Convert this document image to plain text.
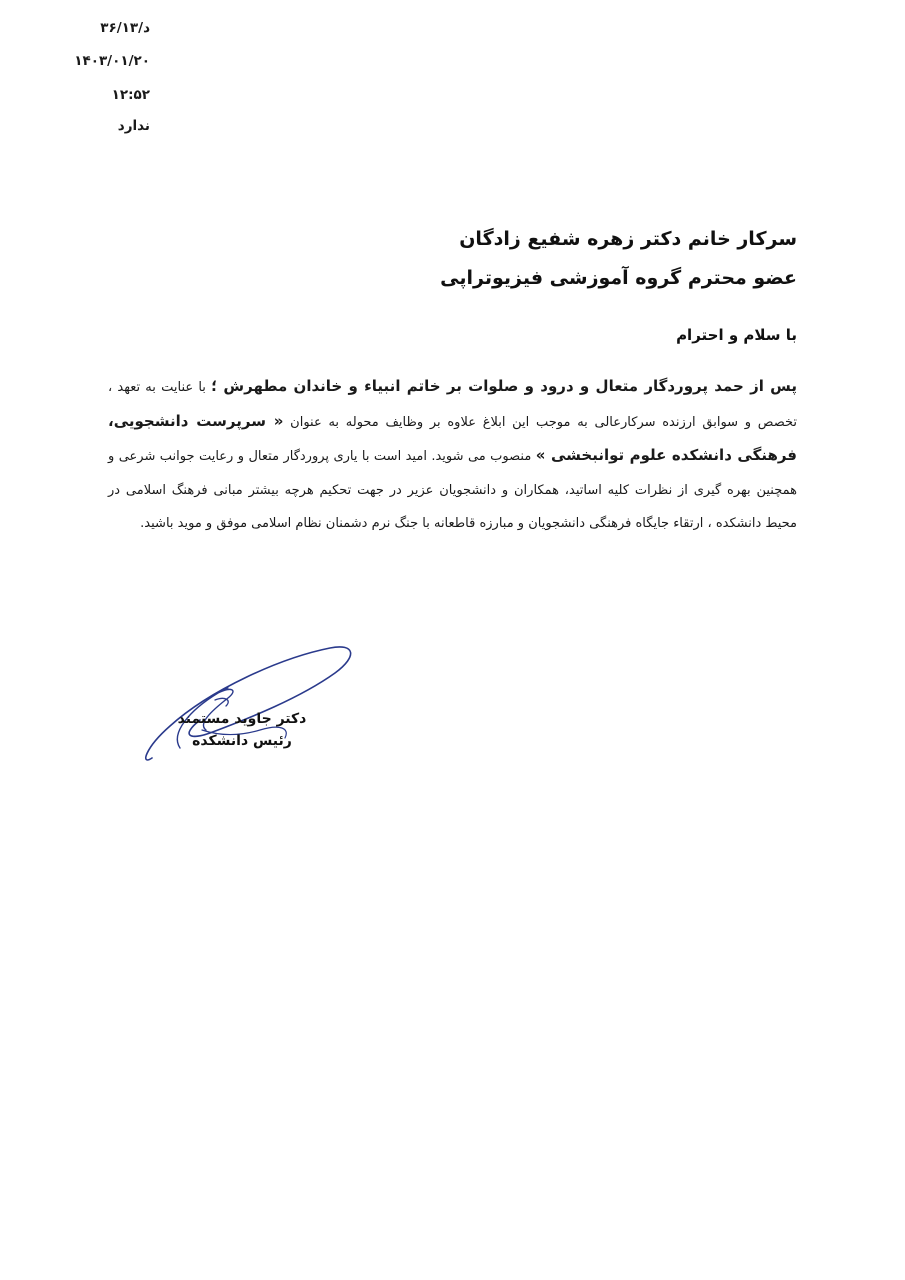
۳۶/۱۳/د
۱۴۰۳/۰۱/۲۰
۱۲:۵۲
ندارد
سرکار خانم دکتر زهره شفیع زادگان
عضو محترم گروه آموزشی فیزیوتراپی
با سلام و احترام
پس از حمد پروردگار متعال و درود و صلوات بر خاتم انبیاء و خاندان مطهرش ؛ با عنایت به تعهد ، تخصص و سوابق ارزنده سرکارعالی به موجب این ابلاغ علاوه بر وظایف محوله به عنوان « سرپرست دانشجویی، فرهنگی دانشکده علوم توانبخشی » منصوب می شوید. امید است با یاری پروردگار متعال و رعایت جوانب شرعی و همچنین بهره گیری از نظرات کلیه اساتید، همکاران و دانشجویان عزیر در جهت تحکیم هرچه بیشتر مبانی فرهنگ اسلامی در محیط دانشکده ، ارتقاء جایگاه فرهنگی دانشجویان و مبارزه قاطعانه با جنگ نرم دشمنان نظام اسلامی موفق و موید باشید.
دکتر جاوید مستمند
رئیس دانشکده
